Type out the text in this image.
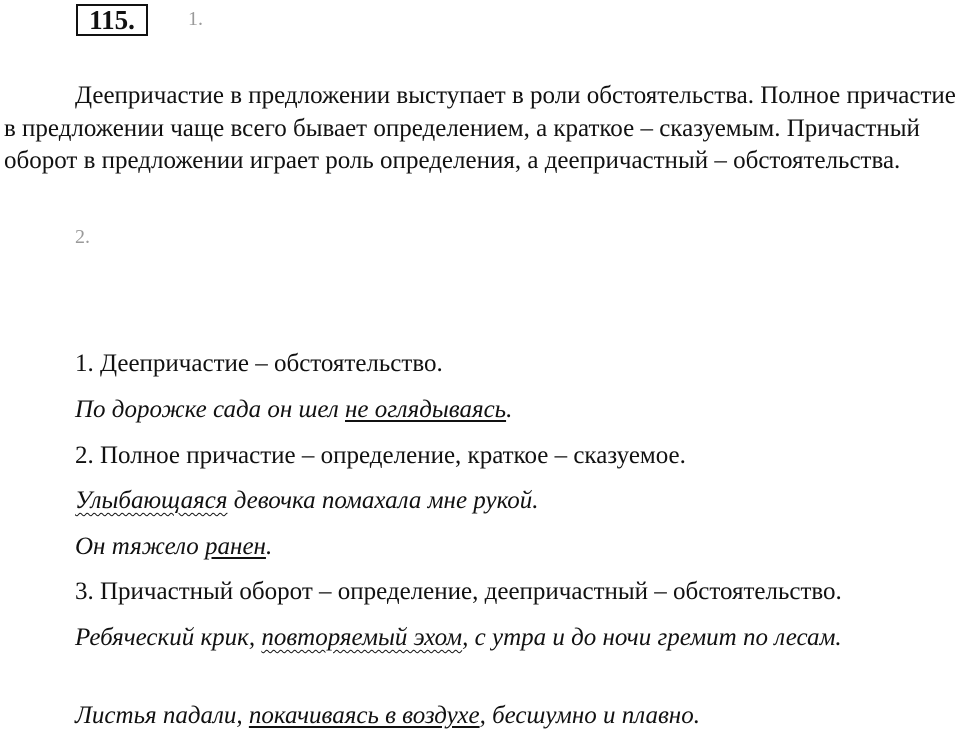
115.	1.
Деепричастие в предложении выступает в роли обстоятельства. Полное причастие в предложении чаще всего бывает определением, а краткое – сказуемым. Причастный оборот в предложении играет роль определения, а деепричастный – обстоятельства.
2.
1. Деепричастие – обстоятельство.
По дорожке сада он шел не оглядываясь.
2. Полное причастие – определение, краткое – сказуемое.
Улыбающаяся девочка помахала мне рукой.
Он тяжело ранен.
3. Причастный оборот – определение, деепричастный – обстоятельство.
Ребяческий крик, повторяемый эхом, с утра и до ночи гремит по лесам.
Листья падали, покачиваясь в воздухе, бесшумно и плавно.
